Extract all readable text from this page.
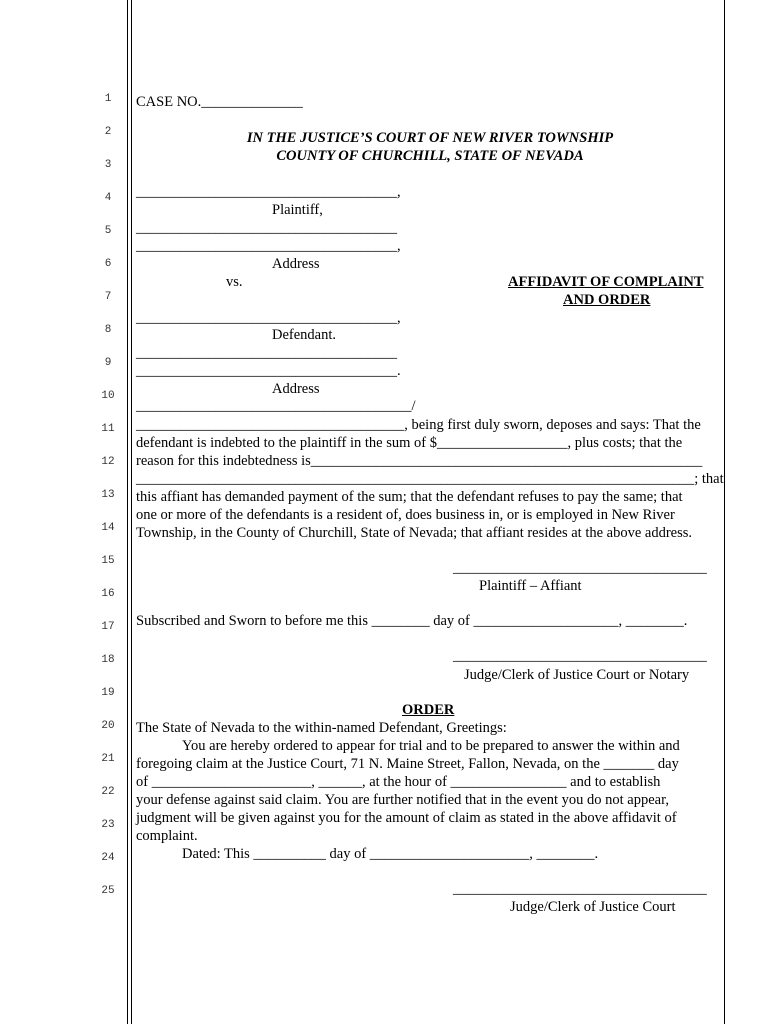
1
2
3
4
5
6
7
8
9
10
11
12
13
14
15
16
17
18
19
20
21
22
23
24
25
CASE NO.______________
IN THE JUSTICE’S COURT OF NEW RIVER TOWNSHIP
COUNTY OF CHURCHILL, STATE OF NEVADA
____________________________________,
Plaintiff,
____________________________________
____________________________________,
Address
vs.	AFFIDAVIT OF COMPLAINT
AND ORDER
____________________________________,
Defendant.
____________________________________
____________________________________.
Address
______________________________________/
_____________________________________, being first duly sworn, deposes and says: That the
defendant is indebted to the plaintiff in the sum of $__________________, plus costs; that the
reason for this indebtedness is______________________________________________________
_____________________________________________________________________________; that
this affiant has demanded payment of the sum; that the defendant refuses to pay the same; that
one or more of the defendants is a resident of, does business in, or is employed in New River
Township, in the County of Churchill, State of Nevada; that affiant resides at the above address.
___________________________________
Plaintiff – Affiant
Subscribed and Sworn to before me this ________ day of ____________________, ________.
___________________________________
Judge/Clerk of Justice Court or Notary
ORDER
The State of Nevada to the within-named Defendant, Greetings:
You are hereby ordered to appear for trial and to be prepared to answer the within and
foregoing claim at the Justice Court, 71 N. Maine Street, Fallon, Nevada, on the _______ day
of ______________________, ______, at the hour of ________________ and to establish
your defense against said claim. You are further notified that in the event you do not appear,
judgment will be given against you for the amount of claim as stated in the above affidavit of
complaint.
Dated: This __________ day of ______________________, ________.
___________________________________
Judge/Clerk of Justice Court
